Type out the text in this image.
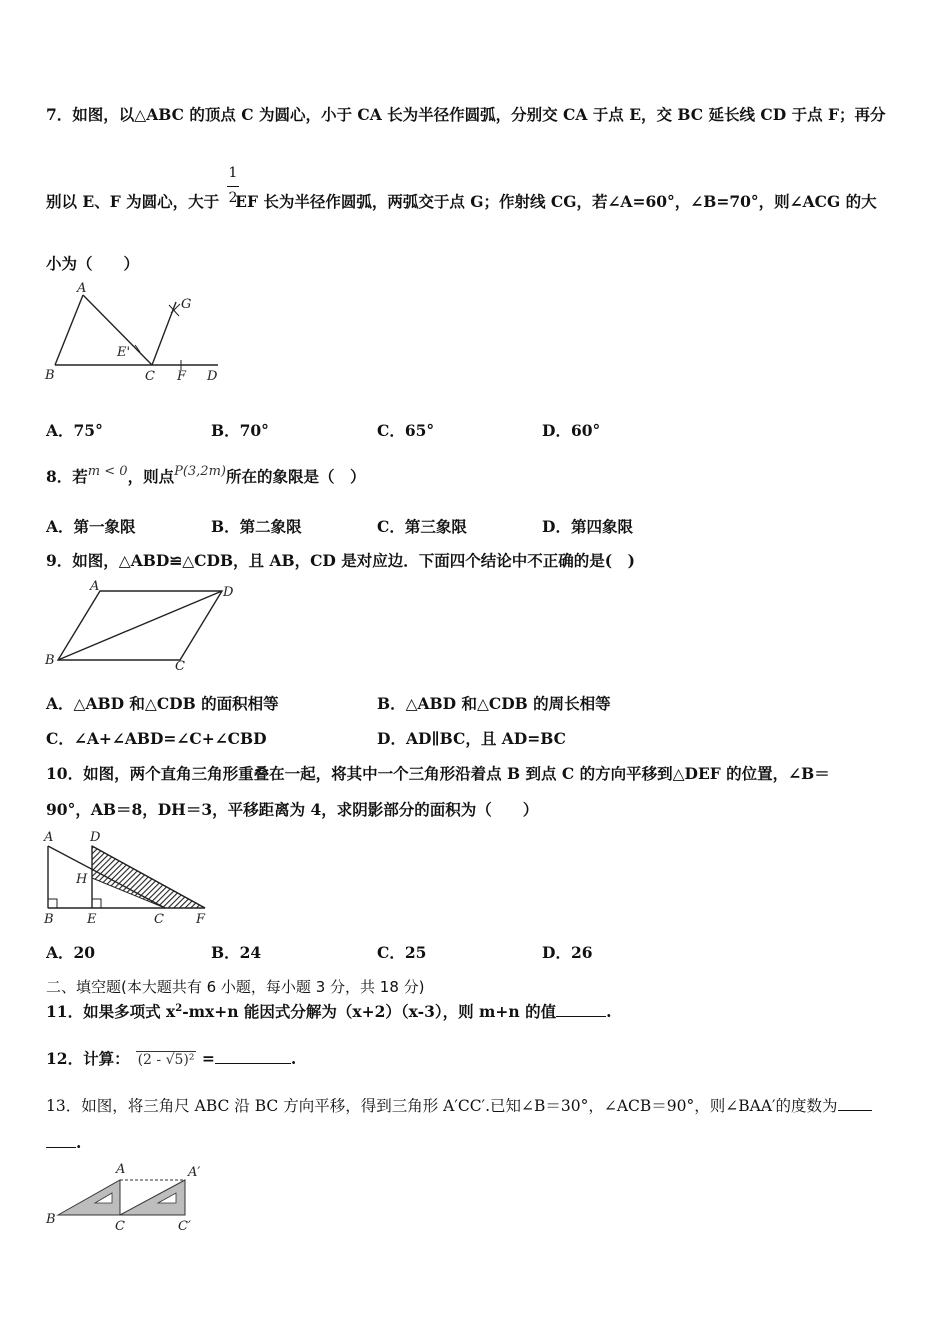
7．如图，以△ABC 的顶点 C 为圆心，小于 CA 长为半径作圆弧，分别交 CA 于点 E，交 BC 延长线 CD 于点 F；再分
别以 E、F 为圆心，大于 EF 长为半径作圆弧，两弧交于点 G；作射线 CG，若∠A=60°，∠B=70°，则∠ACG 的大
1
2
小为（　　）
A
B	C F D
E'
G
A．75°	B．70°	C．65°	D．60°
8．若$^{m < 0}$，则点$^{P(3,2m)}$所在的象限是（　）
A．第一象限	B．第二象限	C．第三象限	D．第四象限
9．如图，△ABD≌△CDB，且 AB，CD 是对应边．下面四个结论中不正确的是(　)
A	D
B	C
A．△ABD 和△CDB 的面积相等	B．△ABD 和△CDB 的周长相等
C．∠A+∠ABD=∠C+∠CBD	D．AD∥BC，且 AD=BC
10．如图，两个直角三角形重叠在一起，将其中一个三角形沿着点 B 到点 C 的方向平移到△DEF 的位置，∠B＝
90°，AB＝8，DH＝3，平移距离为 4，求阴影部分的面积为（　　）
A	D
H
B	E	C F
A．20	B．24	C．25	D．26
二、填空题(本大题共有 6 小题，每小题 3 分，共 18 分)
11．如果多项式 $x^2-mx+n$ 能因式分解为（x+2）（x-3），则 m+n 的值	.
12．计算： (2 - √5)² =	.
13．如图，将三角尺 ABC 沿 BC 方向平移，得到三角形 A′CC′.已知∠B＝30°，∠ACB＝90°，则∠BAA′的度数为
.
A	A′
B	C	C′
